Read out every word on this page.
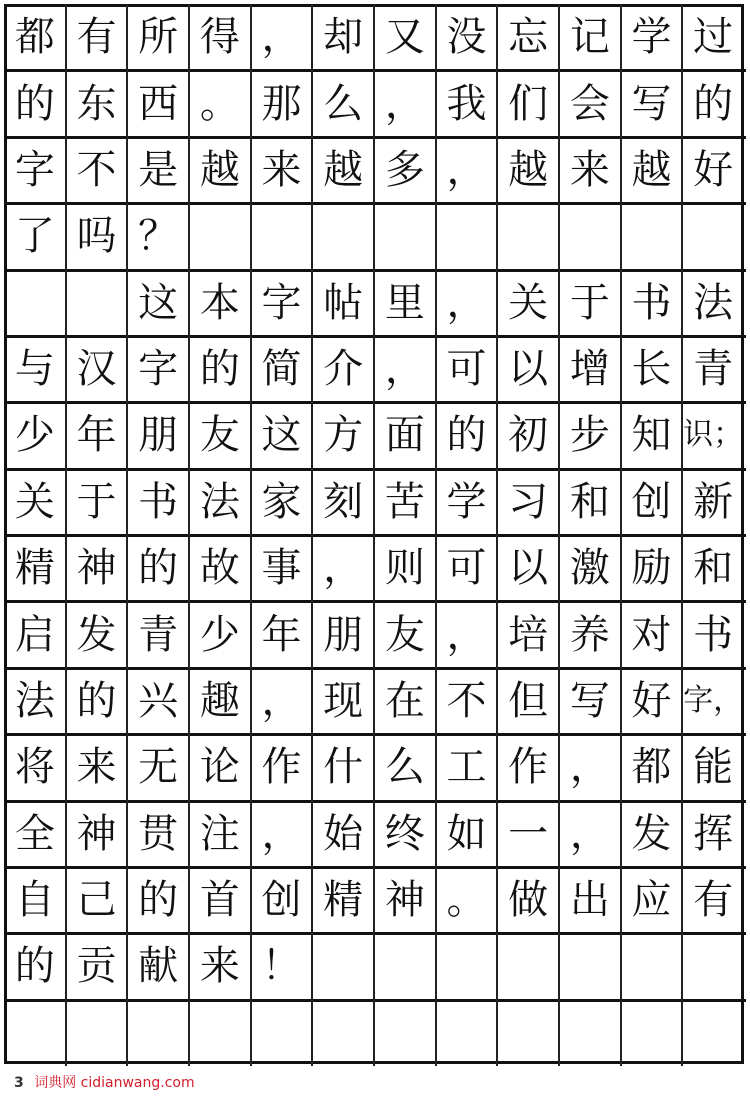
都 有 所 得 ， 却 又 没 忘 记 学 过
的 东 西 。 那 么 ， 我 们 会 写 的
字 不 是 越 来 越 多 ， 越 来 越 好
了 吗 ？
这 本 字 帖 里 ， 关 于 书 法
与 汉 字 的 简 介 ， 可 以 增 长 青
少 年 朋 友 这 方 面 的 初 步 知 识；
关 于 书 法 家 刻 苦 学 习 和 创 新
精 神 的 故 事 ， 则 可 以 激 励 和
启 发 青 少 年 朋 友 ， 培 养 对 书
法 的 兴 趣 ， 现 在 不 但 写 好 字，
将 来 无 论 作 什 么 工 作 ， 都 能
全 神 贯 注 ， 始 终 如 一 ， 发 挥
自 己 的 首 创 精 神 。 做 出 应 有
的 贡 献 来 ！
3 词典网 cidianwang.com
